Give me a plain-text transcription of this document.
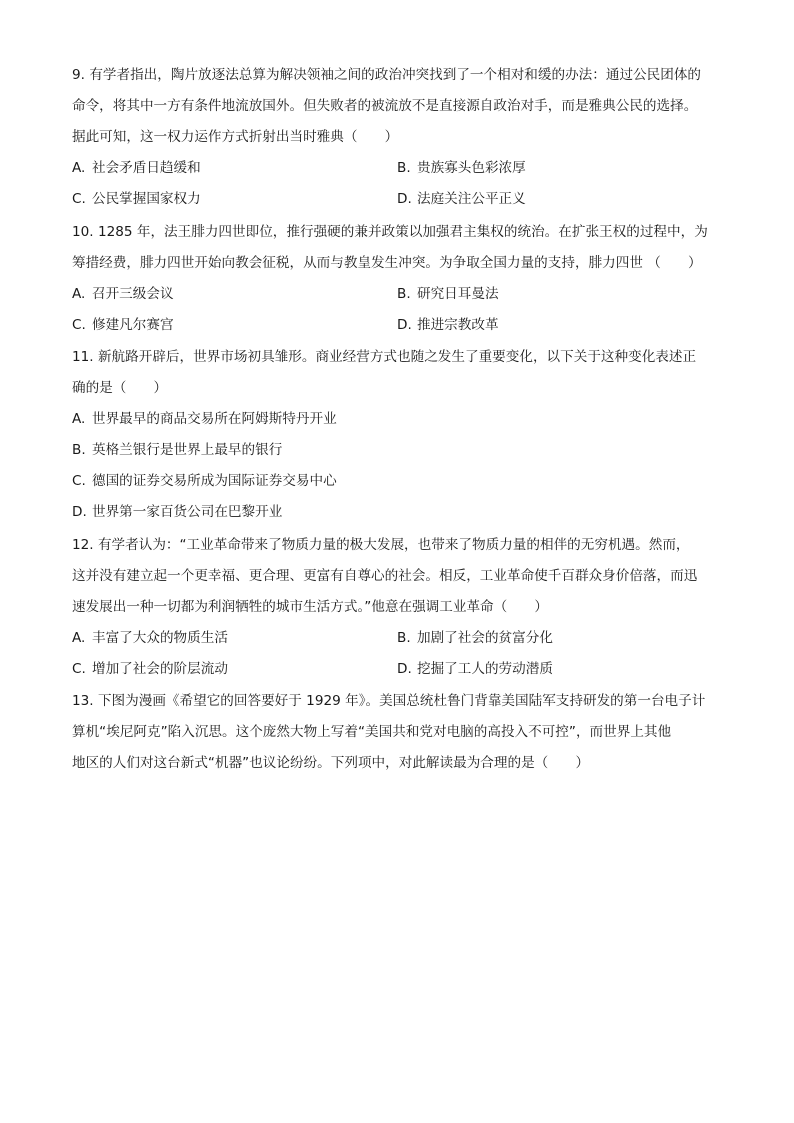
9. 有学者指出，陶片放逐法总算为解决领袖之间的政治冲突找到了一个相对和缓的办法：通过公民团体的
命令，将其中一方有条件地流放国外。但失败者的被流放不是直接源自政治对手，而是雅典公民的选择。
据此可知，这一权力运作方式折射出当时雅典（　　）
A. 社会矛盾日趋缓和	B. 贵族寡头色彩浓厚
C. 公民掌握国家权力	D. 法庭关注公平正义
10. 1285 年，法王腓力四世即位，推行强硬的兼并政策以加强君主集权的统治。在扩张王权的过程中，为
筹措经费，腓力四世开始向教会征税，从而与教皇发生冲突。为争取全国力量的支持，腓力四世 （　　）
A. 召开三级会议	B. 研究日耳曼法
C. 修建凡尔赛宫	D. 推进宗教改革
11. 新航路开辟后，世界市场初具雏形。商业经营方式也随之发生了重要变化，以下关于这种变化表述正
确的是（　　）
A. 世界最早的商品交易所在阿姆斯特丹开业
B. 英格兰银行是世界上最早的银行
C. 德国的证券交易所成为国际证券交易中心
D. 世界第一家百货公司在巴黎开业
12. 有学者认为：“工业革命带来了物质力量的极大发展，也带来了物质力量的相伴的无穷机遇。然而，
这并没有建立起一个更幸福、更合理、更富有自尊心的社会。相反，工业革命使千百群众身价倍落，而迅
速发展出一种一切都为利润牺牲的城市生活方式。”他意在强调工业革命（　　）
A. 丰富了大众的物质生活	B. 加剧了社会的贫富分化
C. 增加了社会的阶层流动	D. 挖掘了工人的劳动潜质
13. 下图为漫画《希望它的回答要好于 1929 年》。美国总统杜鲁门背靠美国陆军支持研发的第一台电子计
算机“埃尼阿克”陷入沉思。这个庞然大物上写着“美国共和党对电脑的高投入不可控”，而世界上其他
地区的人们对这台新式“机器”也议论纷纷。下列项中，对此解读最为合理的是（　　）
